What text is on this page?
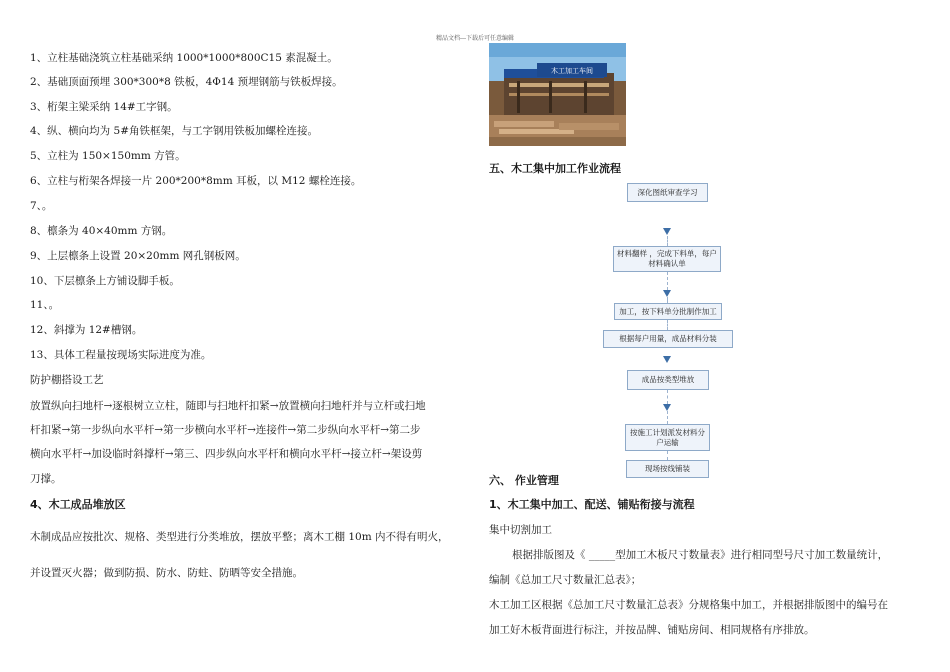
精品文档---下载后可任意编辑
1、立柱基础浇筑立柱基础采纳 1000*1000*800C15 素混凝土。
2、基础顶面预埋 300*300*8 铁板，4Φ14 预埋钢筋与铁板焊接。
3、桁架主梁采纳 14#工字钢。
4、纵、横向均为 5#角铁框架，与工字钢用铁板加螺栓连接。
5、立柱为 150×150mm 方管。
6、立柱与桁架各焊接一片 200*200*8mm 耳板，以 M12 螺栓连接。
7、。
8、檩条为 40×40mm 方钢。
9、上层檩条上设置 20×20mm 网孔钢板网。
10、下层檩条上方铺设脚手板。
11、。
12、斜撑为 12#槽钢。
13、具体工程量按现场实际进度为准。
防护棚搭设工艺
放置纵向扫地杆→逐根树立立柱，随即与扫地杆扣紧→放置横向扫地杆并与立杆或扫地
杆扣紧→第一步纵向水平杆→第一步横向水平杆→连接件→第二步纵向水平杆→第二步
横向水平杆→加设临时斜撑杆→第三、四步纵向水平杆和横向水平杆→接立杆→架设剪
刀撑。
4、木工成品堆放区
木制成品应按批次、规格、类型进行分类堆放，摆放平整；离木工棚 10m 内不得有明火，
并设置灭火器；做到防损、防水、防蛀、防晒等安全措施。
木工加工车间
五、木工集中加工作业流程
深化图纸审查学习
材料翻样 ，完成下料单，每户材料确认单
加工，按下料单分批制作加工
根据每户用量，成品材料分装
成品按类型堆放
按施工计划派发材料分户运输
现场按线铺装
六、 作业管理
1、木工集中加工、配送、铺贴衔接与流程
集中切割加工
根据排版图及《 _____型加工木板尺寸数量表》进行相同型号尺寸加工数量统计，
编制《总加工尺寸数量汇总表》；
木工加工区根据《总加工尺寸数量汇总表》分规格集中加工，并根据排版图中的编号在
加工好木板背面进行标注，并按品牌、铺贴房间、相同规格有序排放。
